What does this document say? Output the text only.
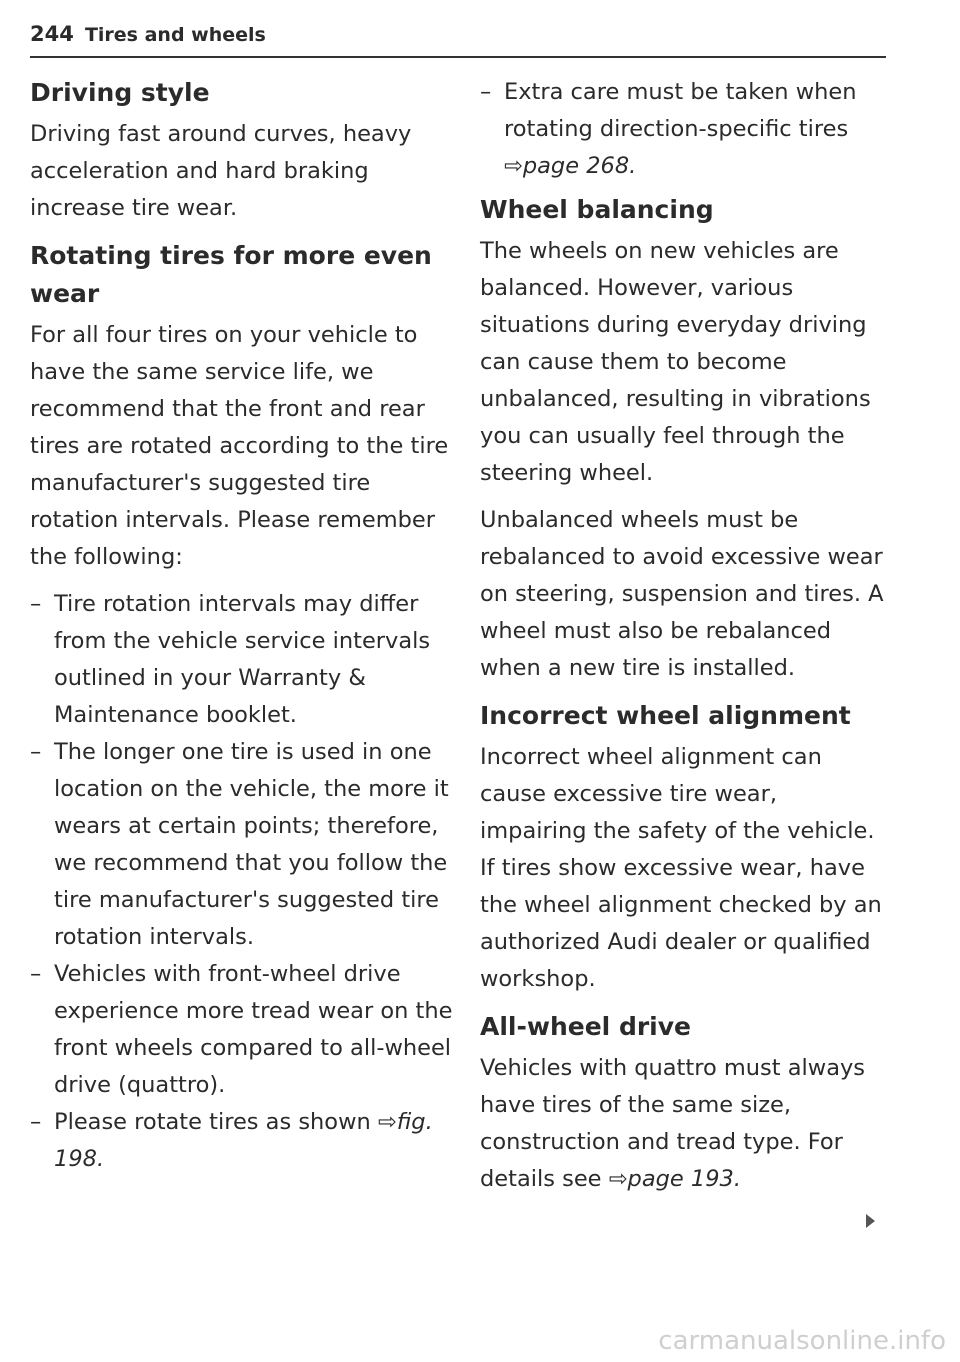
244 Tires and wheels
Driving style

Driving fast around curves, heavy acceleration and hard braking increase tire wear.

Rotating tires for more even wear

For all four tires on your vehicle to have the same service life, we recommend that the front and rear tires are rotated according to the tire manufacturer's suggested tire rotation intervals. Please remember the following:

– Tire rotation intervals may differ from the vehicle service intervals outlined in your Warranty & Maintenance booklet.
– The longer one tire is used in one location on the vehicle, the more it wears at certain points; therefore, we recommend that you follow the tire manufacturer's suggested tire rotation intervals.
– Vehicles with front-wheel drive experience more tread wear on the front wheels compared to all-wheel drive (quattro).
– Please rotate tires as shown ⇨fig. 198.
– Extra care must be taken when rotating direction-specific tires ⇨page 268.
Wheel balancing

The wheels on new vehicles are balanced. However, various situations during everyday driving can cause them to become unbalanced, resulting in vibrations you can usually feel through the steering wheel.

Unbalanced wheels must be rebalanced to avoid excessive wear on steering, suspension and tires. A wheel must also be rebalanced when a new tire is installed.

Incorrect wheel alignment

Incorrect wheel alignment can cause excessive tire wear, impairing the safety of the vehicle. If tires show excessive wear, have the wheel alignment checked by an authorized Audi dealer or qualified workshop.

All-wheel drive

Vehicles with quattro must always have tires of the same size, construction and tread type. For details see ⇨page 193.

carmanualsonline.info
